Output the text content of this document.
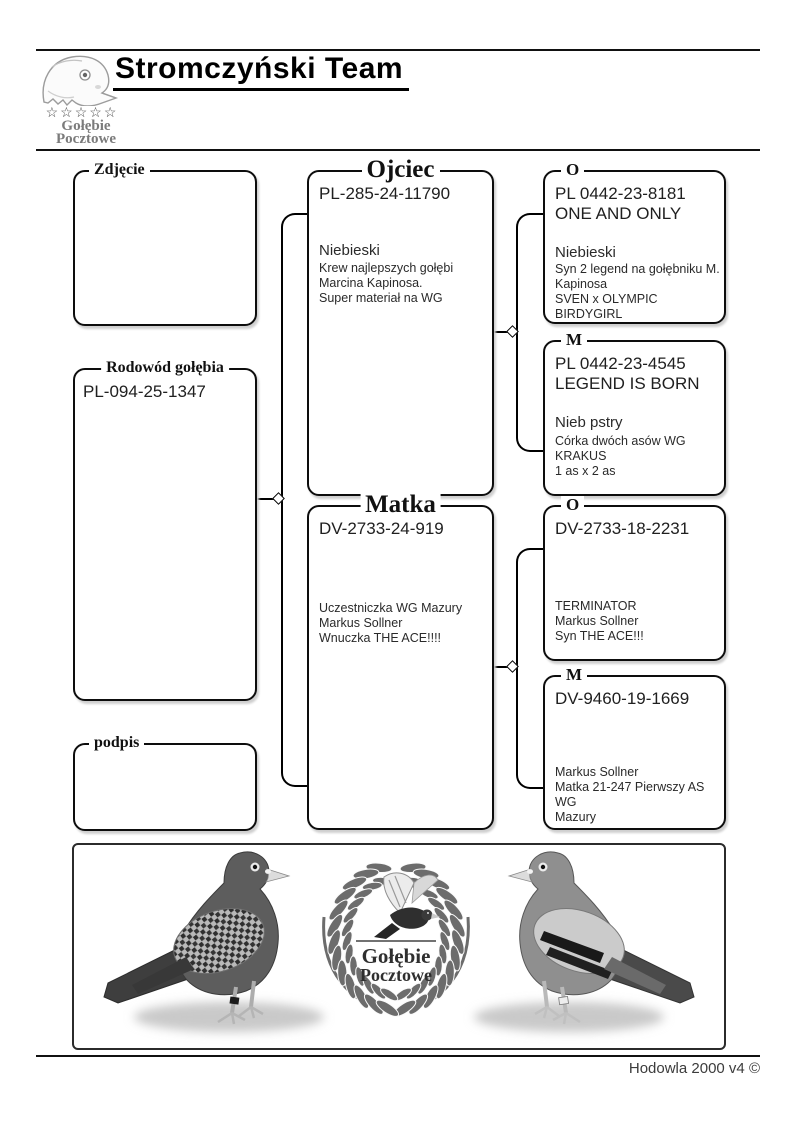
☆☆☆☆☆
Gołębie
Pocztowe
Stromczyński Team
Zdjęcie
Rodowód gołębia
PL-094-25-1347
podpis
Ojciec
PL-285-24-11790
Niebieski
Krew najlepszych gołębi
Marcina Kapinosa.
Super materiał na WG
Matka
DV-2733-24-919
Uczestniczka WG Mazury
Markus Sollner
Wnuczka THE ACE!!!!
O
PL 0442-23-8181
ONE AND ONLY
Niebieski
Syn 2 legend na gołębniku M.
Kapinosa
SVEN x OLYMPIC BIRDYGIRL
M
PL 0442-23-4545
LEGEND IS BORN
Nieb pstry
Córka dwóch asów WG
KRAKUS
1 as x 2 as
O
DV-2733-18-2231
TERMINATOR
Markus Sollner
Syn THE ACE!!!
M
DV-9460-19-1669
Markus Sollner
Matka 21-247 Pierwszy AS
WG
Mazury
Gołębie
Pocztowe
Hodowla 2000 v4 ©
